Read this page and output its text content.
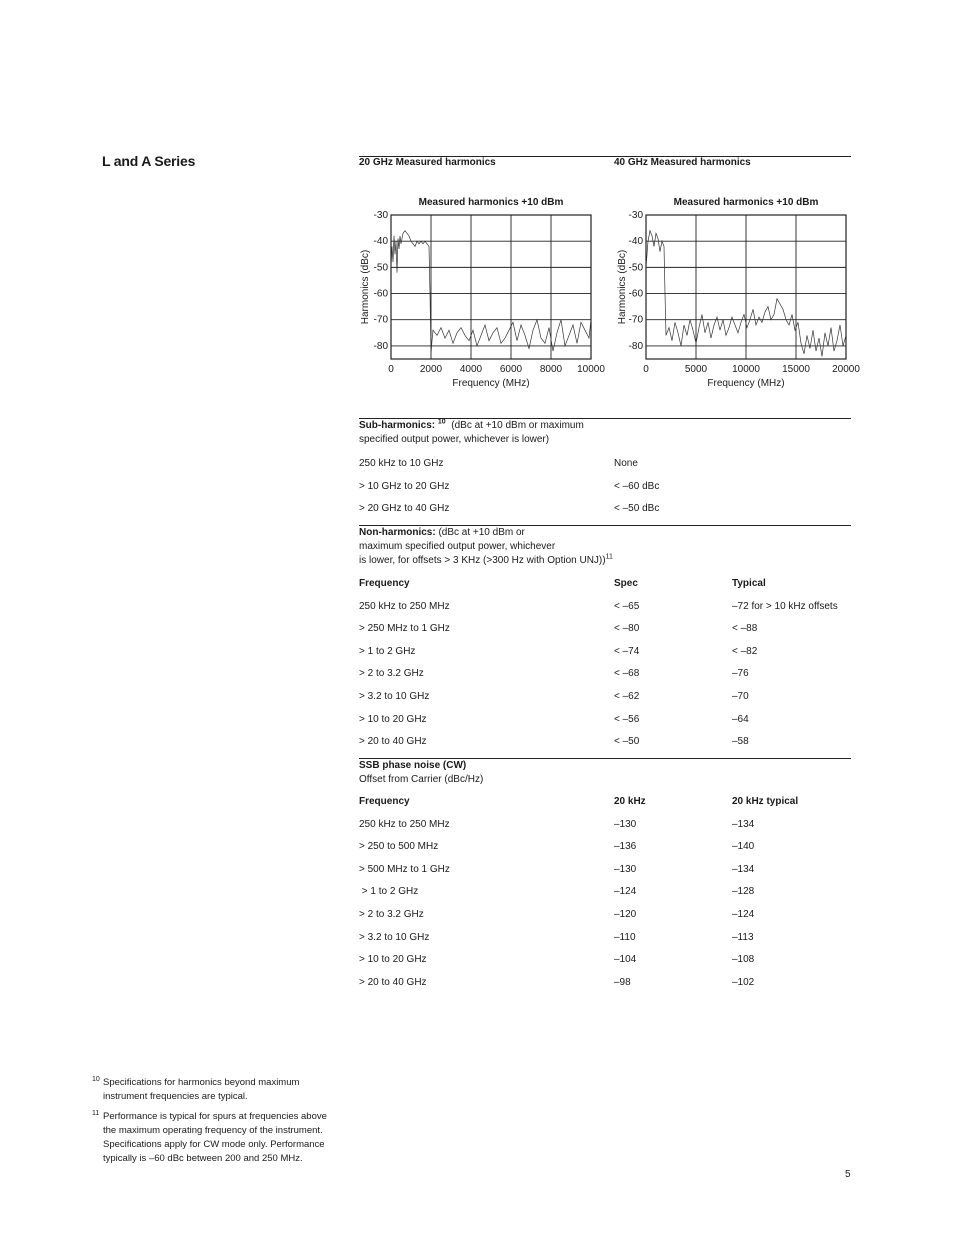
L and A Series	20 GHz Measured harmonics	40 GHz Measured harmonics
Measured harmonics +10 dBm
0	2000 4000 6000 8000 10000
-30
-40
-50
-60
-70
-80
Frequency (MHz)
Harmonics (dBc)
Measured harmonics +10 dBm
0	5000 10000 15000 20000
-30
-40
-50
-60
-70
-80
Frequency (MHz)
Harmonics (dBc)
Sub-harmonics: $^{10}$  (dBc at +10 dBm or maximum
specified output power, whichever is lower)
250 kHz to 10 GHz	None
> 10 GHz to 20 GHz	< –60 dBc
> 20 GHz to 40 GHz	< –50 dBc
Non-harmonics: (dBc at +10 dBm or
maximum specified output power, whichever
is lower, for offsets > 3 KHz (>300 Hz with Option UNJ))$^{11}$
Frequency	Spec	Typical
250 kHz to 250 MHz	< –65	–72 for > 10 kHz offsets
> 250 MHz to 1 GHz	< –80	< –88
> 1 to 2 GHz	< –74	< –82
> 2 to 3.2 GHz	< –68	–76
> 3.2 to 10 GHz	< –62	–70
> 10 to 20 GHz	< –56	–64
> 20 to 40 GHz	< –50	–58
SSB phase noise (CW)
Offset from Carrier (dBc/Hz)
Frequency	20 kHz	20 kHz typical
250 kHz to 250 MHz	–130	–134
> 250 to 500 MHz	–136	–140
> 500 MHz to 1 GHz	–130	–134
> 1 to 2 GHz	–124	–128
> 2 to 3.2 GHz	–120	–124
> 3.2 to 10 GHz	–110	–113
> 10 to 20 GHz	–104	–108
> 20 to 40 GHz	–98	–102
10 Specifications for harmonics beyond maximum instrument frequencies are typical.
11 Performance is typical for spurs at frequencies above the maximum operating frequency of the instrument. Specifications apply for CW mode only. Performance typically is –60 dBc between 200 and 250 MHz.
5
